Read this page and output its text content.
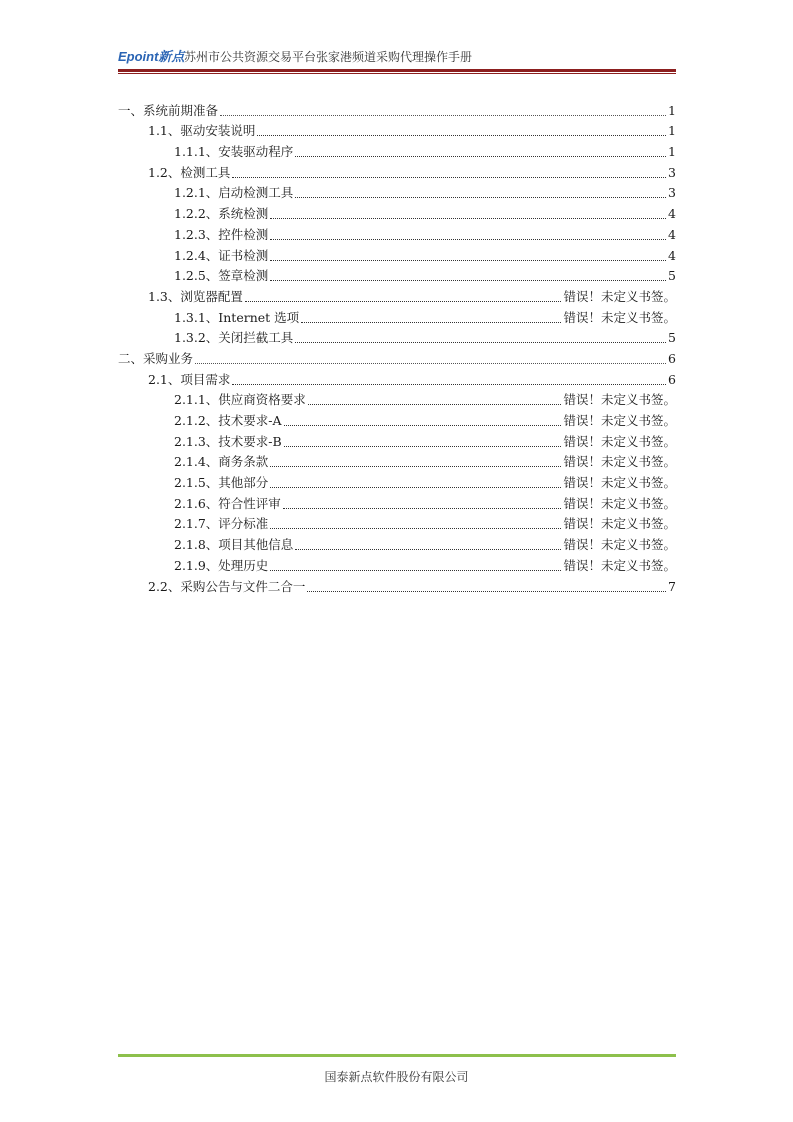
Epoint新点 苏州市公共资源交易平台张家港频道采购代理操作手册
一、系统前期准备	1
1.1、驱动安装说明	1
1.1.1、安装驱动程序	1
1.2、检测工具	3
1.2.1、启动检测工具	3
1.2.2、系统检测	4
1.2.3、控件检测	4
1.2.4、证书检测	4
1.2.5、签章检测	5
1.3、浏览器配置	错误！未定义书签。
1.3.1、Internet 选项	错误！未定义书签。
1.3.2、关闭拦截工具	5
二、采购业务	6
2.1、项目需求	6
2.1.1、供应商资格要求	错误！未定义书签。
2.1.2、技术要求-A	错误！未定义书签。
2.1.3、技术要求-B	错误！未定义书签。
2.1.4、商务条款	错误！未定义书签。
2.1.5、其他部分	错误！未定义书签。
2.1.6、符合性评审	错误！未定义书签。
2.1.7、评分标准	错误！未定义书签。
2.1.8、项目其他信息	错误！未定义书签。
2.1.9、处理历史	错误！未定义书签。
2.2、采购公告与文件二合一	7
国泰新点软件股份有限公司
